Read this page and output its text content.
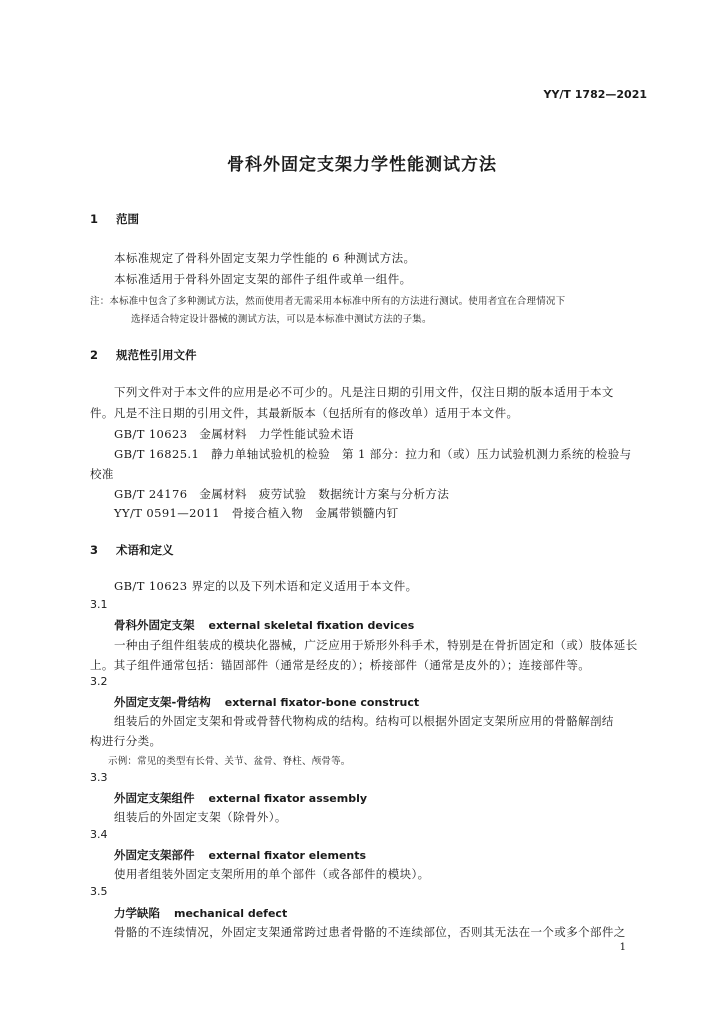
YY/T 1782—2021
骨科外固定支架力学性能测试方法
1 范围
本标准规定了骨科外固定支架力学性能的 6 种测试方法。
本标准适用于骨科外固定支架的部件子组件或单一组件。
注：本标准中包含了多种测试方法，然而使用者无需采用本标准中所有的方法进行测试。使用者宜在合理情况下
选择适合特定设计器械的测试方法，可以是本标准中测试方法的子集。
2 规范性引用文件
下列文件对于本文件的应用是必不可少的。凡是注日期的引用文件，仅注日期的版本适用于本文
件。凡是不注日期的引用文件，其最新版本（包括所有的修改单）适用于本文件。
GB/T 10623　金属材料　力学性能试验术语
GB/T 16825.1　静力单轴试验机的检验　第 1 部分：拉力和（或）压力试验机测力系统的检验与
校准
GB/T 24176　金属材料　疲劳试验　数据统计方案与分析方法
YY/T 0591—2011　骨接合植入物　金属带锁髓内钉
3 术语和定义
GB/T 10623 界定的以及下列术语和定义适用于本文件。
3.1
骨科外固定支架 external skeletal fixation devices
一种由子组件组装成的模块化器械，广泛应用于矫形外科手术，特别是在骨折固定和（或）肢体延长
上。其子组件通常包括：锚固部件（通常是经皮的）；桥接部件（通常是皮外的）；连接部件等。
3.2
外固定支架-骨结构 external fixator-bone construct
组装后的外固定支架和骨或骨替代物构成的结构。结构可以根据外固定支架所应用的骨骼解剖结
构进行分类。
示例：常见的类型有长骨、关节、盆骨、脊柱、颅骨等。
3.3
外固定支架组件 external fixator assembly
组装后的外固定支架（除骨外）。
3.4
外固定支架部件 external fixator elements
使用者组装外固定支架所用的单个部件（或各部件的模块）。
3.5
力学缺陷 mechanical defect
骨骼的不连续情况，外固定支架通常跨过患者骨骼的不连续部位，否则其无法在一个或多个部件之
1
